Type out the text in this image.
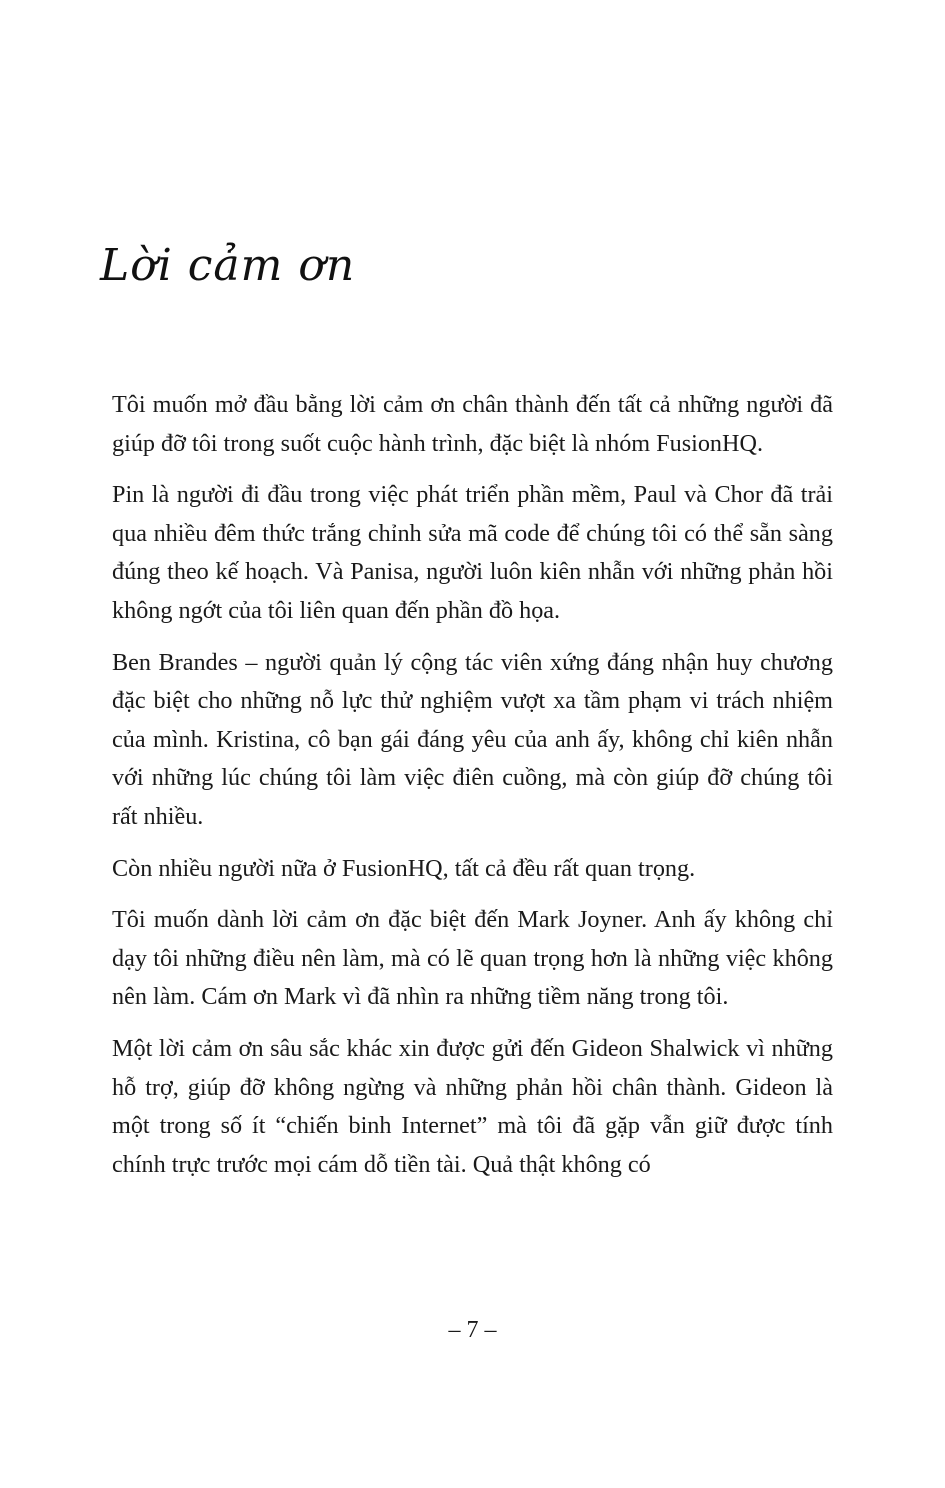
Lời cảm ơn

Tôi muốn mở đầu bằng lời cảm ơn chân thành đến tất cả những người đã giúp đỡ tôi trong suốt cuộc hành trình, đặc biệt là nhóm FusionHQ.

Pin là người đi đầu trong việc phát triển phần mềm, Paul và Chor đã trải qua nhiều đêm thức trắng chỉnh sửa mã code để chúng tôi có thể sẵn sàng đúng theo kế hoạch. Và Panisa, người luôn kiên nhẫn với những phản hồi không ngớt của tôi liên quan đến phần đồ họa.

Ben Brandes – người quản lý cộng tác viên xứng đáng nhận huy chương đặc biệt cho những nỗ lực thử nghiệm vượt xa tầm phạm vi trách nhiệm của mình. Kristina, cô bạn gái đáng yêu của anh ấy, không chỉ kiên nhẫn với những lúc chúng tôi làm việc điên cuồng, mà còn giúp đỡ chúng tôi rất nhiều.

Còn nhiều người nữa ở FusionHQ, tất cả đều rất quan trọng.

Tôi muốn dành lời cảm ơn đặc biệt đến Mark Joyner. Anh ấy không chỉ dạy tôi những điều nên làm, mà có lẽ quan trọng hơn là những việc không nên làm. Cám ơn Mark vì đã nhìn ra những tiềm năng trong tôi.

Một lời cảm ơn sâu sắc khác xin được gửi đến Gideon Shalwick vì những hỗ trợ, giúp đỡ không ngừng và những phản hồi chân thành. Gideon là một trong số ít “chiến binh Internet” mà tôi đã gặp vẫn giữ được tính chính trực trước mọi cám dỗ tiền tài. Quả thật không có

– 7 –
